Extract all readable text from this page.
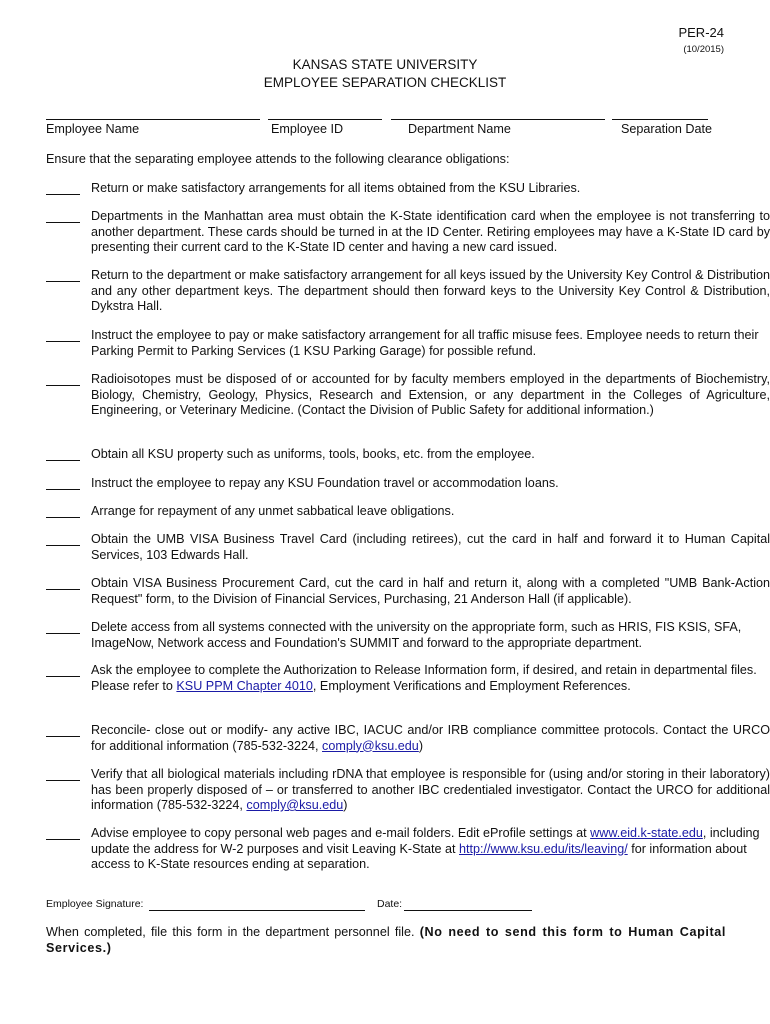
PER-24
(10/2015)
KANSAS STATE UNIVERSITY
EMPLOYEE SEPARATION CHECKLIST
Employee Name	Employee ID	Department Name	Separation Date
Ensure that the separating employee attends to the following clearance obligations:
Return or make satisfactory arrangements for all items obtained from the KSU Libraries.
Departments in the Manhattan area must obtain the K-State identification card when the employee is not transferring to another department. These cards should be turned in at the ID Center. Retiring employees may have a K-State ID card by presenting their current card to the K-State ID center and having a new card issued.
Return to the department or make satisfactory arrangement for all keys issued by the University Key Control & Distribution and any other department keys. The department should then forward keys to the University Key Control & Distribution, Dykstra Hall.
Instruct the employee to pay or make satisfactory arrangement for all traffic misuse fees. Employee needs to return their Parking Permit to Parking Services (1 KSU Parking Garage) for possible refund.
Radioisotopes must be disposed of or accounted for by faculty members employed in the departments of Biochemistry, Biology, Chemistry, Geology, Physics, Research and Extension, or any department in the Colleges of Agriculture, Engineering, or Veterinary Medicine. (Contact the Division of Public Safety for additional information.)
Obtain all KSU property such as uniforms, tools, books, etc. from the employee.
Instruct the employee to repay any KSU Foundation travel or accommodation loans.
Arrange for repayment of any unmet sabbatical leave obligations.
Obtain the UMB VISA Business Travel Card (including retirees), cut the card in half and forward it to Human Capital Services, 103 Edwards Hall.
Obtain VISA Business Procurement Card, cut the card in half and return it, along with a completed "UMB Bank-Action Request" form, to the Division of Financial Services, Purchasing, 21 Anderson Hall (if applicable).
Delete access from all systems connected with the university on the appropriate form, such as HRIS, FIS KSIS, SFA, ImageNow, Network access and Foundation's SUMMIT and forward to the appropriate department.
Ask the employee to complete the Authorization to Release Information form, if desired, and retain in departmental files. Please refer to KSU PPM Chapter 4010, Employment Verifications and Employment References.
Reconcile- close out or modify- any active IBC, IACUC and/or IRB compliance committee protocols. Contact the URCO for additional information (785-532-3224, comply@ksu.edu)
Verify that all biological materials including rDNA that employee is responsible for (using and/or storing in their laboratory) has been properly disposed of – or transferred to another IBC credentialed investigator. Contact the URCO for additional information (785-532-3224, comply@ksu.edu)
Advise employee to copy personal web pages and e-mail folders. Edit eProfile settings at www.eid.k-state.edu, including update the address for W-2 purposes and visit Leaving K-State at http://www.ksu.edu/its/leaving/ for information about access to K-State resources ending at separation.
Employee Signature:	Date:
When completed, file this form in the department personnel file. (No need to send this form to Human Capital Services.)
